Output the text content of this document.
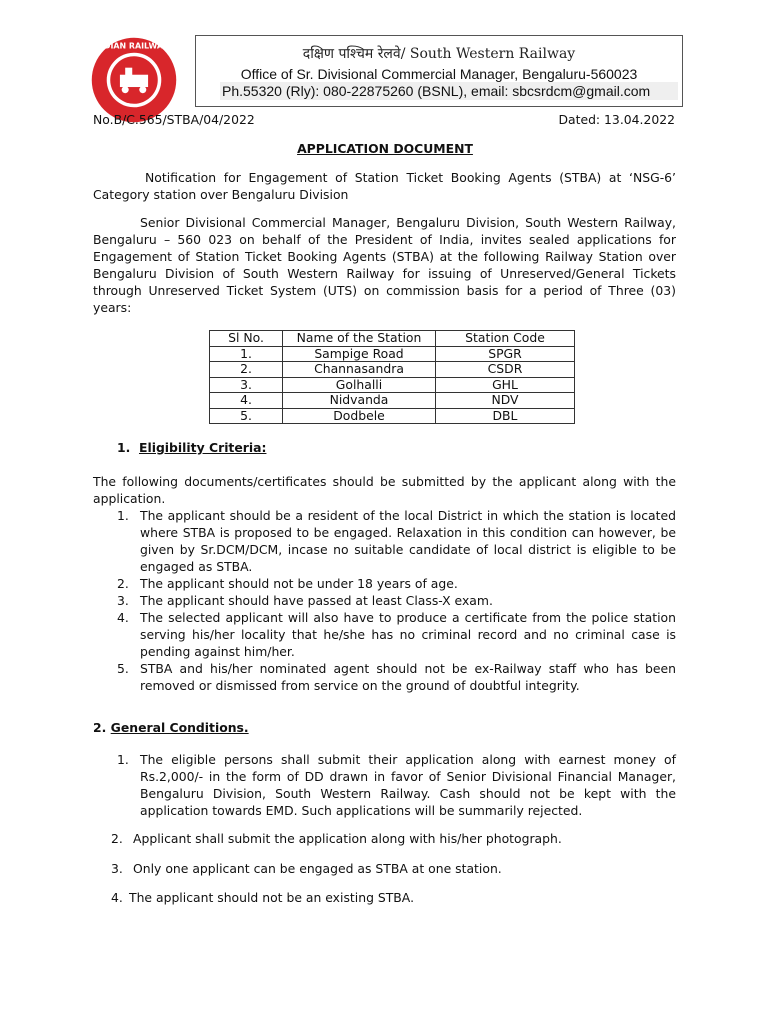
INDIAN RAILWAYS
दक्षिण पश्चिम रेलवे/ South Western Railway
Office of Sr. Divisional Commercial Manager, Bengaluru-560023
Ph.55320 (Rly): 080-22875260 (BSNL), email: sbcsrdcm@gmail.com
No.B/C.565/STBA/04/2022	Dated: 13.04.2022
APPLICATION DOCUMENT
Notification for Engagement of Station Ticket Booking Agents (STBA) at ‘NSG-6’ Category station over Bengaluru Division
Senior Divisional Commercial Manager, Bengaluru Division, South Western Railway, Bengaluru – 560 023 on behalf of the President of India, invites sealed applications for Engagement of Station Ticket Booking Agents (STBA) at the following Railway Station over Bengaluru Division of South Western Railway for issuing of Unreserved/General Tickets through Unreserved Ticket System (UTS) on commission basis for a period of Three (03) years:
Sl No.	Name of the Station	Station Code
1.	Sampige Road	SPGR
2.	Channasandra	CSDR
3.	Golhalli	GHL
4.	Nidvanda	NDV
5.	Dodbele	DBL
1. Eligibility Criteria:
The following documents/certificates should be submitted by the applicant along with the application.
1. The applicant should be a resident of the local District in which the station is located where STBA is proposed to be engaged. Relaxation in this condition can however, be given by Sr.DCM/DCM, incase no suitable candidate of local district is eligible to be engaged as STBA.
2. The applicant should not be under 18 years of age.
3. The applicant should have passed at least Class-X exam.
4. The selected applicant will also have to produce a certificate from the police station serving his/her locality that he/she has no criminal record and no criminal case is pending against him/her.
5. STBA and his/her nominated agent should not be ex-Railway staff who has been removed or dismissed from service on the ground of doubtful integrity.
2. General Conditions.
1. The eligible persons shall submit their application along with earnest money of Rs.2,000/- in the form of DD drawn in favor of Senior Divisional Financial Manager, Bengaluru Division, South Western Railway. Cash should not be kept with the application towards EMD. Such applications will be summarily rejected.
2. Applicant shall submit the application along with his/her photograph.
3. Only one applicant can be engaged as STBA at one station.
4. The applicant should not be an existing STBA.
